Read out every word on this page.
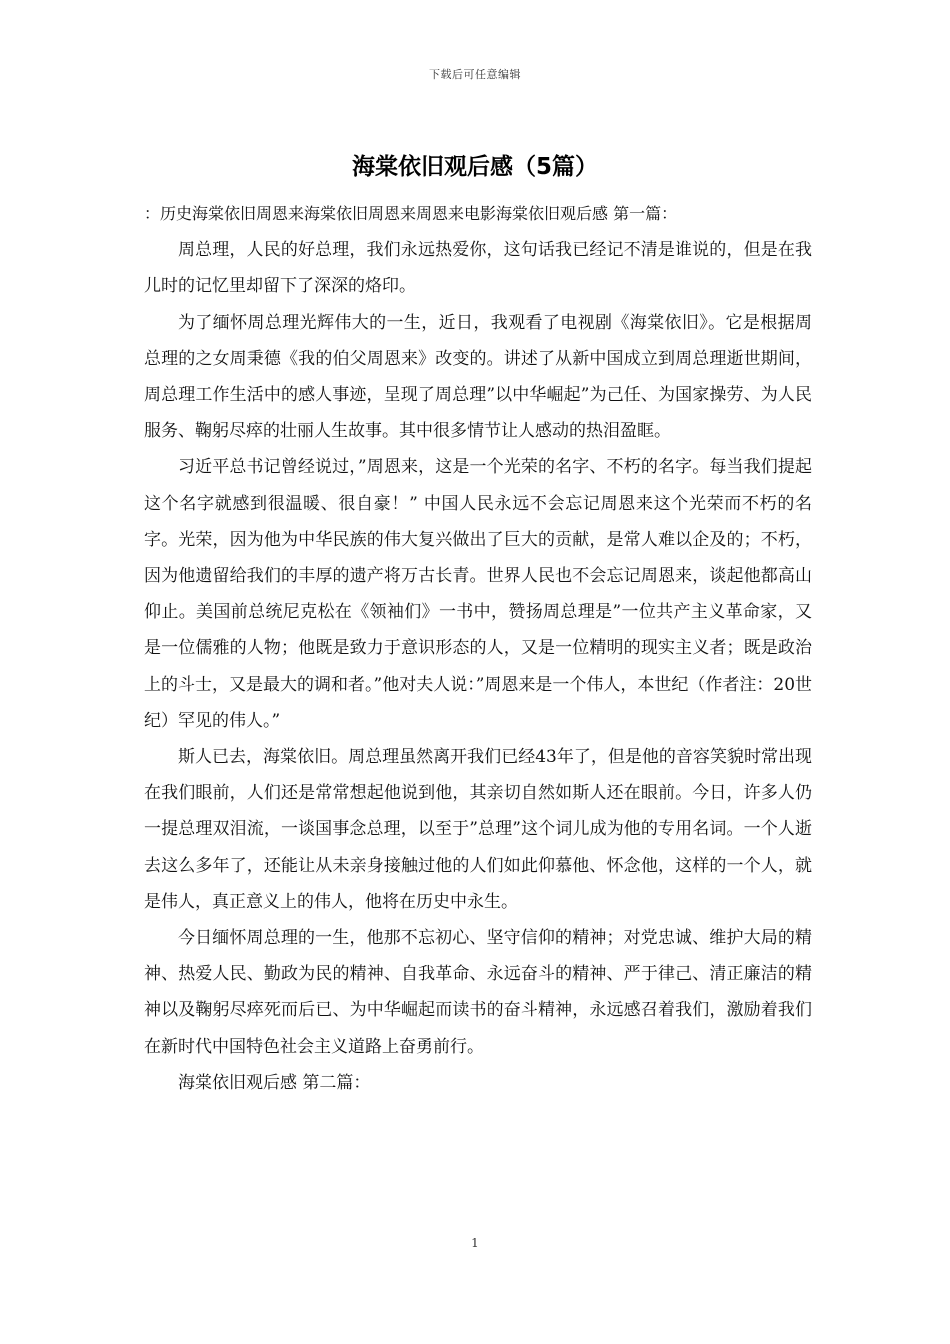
下载后可任意编辑
海棠依旧观后感（5篇）

：历史海棠依旧周恩来海棠依旧周恩来周恩来电影海棠依旧观后感 第一篇：

周总理，人民的好总理，我们永远热爱你，这句话我已经记不清是谁说的，但是在我儿时的记忆里却留下了深深的烙印。

为了缅怀周总理光辉伟大的一生，近日，我观看了电视剧《海棠依旧》。它是根据周总理的之女周秉德《我的伯父周恩来》改变的。讲述了从新中国成立到周总理逝世期间，周总理工作生活中的感人事迹，呈现了周总理”以中华崛起”为己任、为国家操劳、为人民服务、鞠躬尽瘁的壮丽人生故事。其中很多情节让人感动的热泪盈眶。

习近平总书记曾经说过，”周恩来，这是一个光荣的名字、不朽的名字。每当我们提起这个名字就感到很温暖、很自豪！” 中国人民永远不会忘记周恩来这个光荣而不朽的名字。光荣，因为他为中华民族的伟大复兴做出了巨大的贡献，是常人难以企及的；不朽，因为他遗留给我们的丰厚的遗产将万古长青。世界人民也不会忘记周恩来，谈起他都高山仰止。美国前总统尼克松在《领袖们》一书中，赞扬周总理是”一位共产主义革命家，又是一位儒雅的人物；他既是致力于意识形态的人，又是一位精明的现实主义者；既是政治上的斗士，又是最大的调和者。”他对夫人说：”周恩来是一个伟人，本世纪（作者注：20世纪）罕见的伟人。”

斯人已去，海棠依旧。周总理虽然离开我们已经43年了，但是他的音容笑貌时常出现在我们眼前，人们还是常常想起他说到他，其亲切自然如斯人还在眼前。今日，许多人仍一提总理双泪流，一谈国事念总理，以至于”总理”这个词儿成为他的专用名词。一个人逝去这么多年了，还能让从未亲身接触过他的人们如此仰慕他、怀念他，这样的一个人，就是伟人，真正意义上的伟人，他将在历史中永生。

今日缅怀周总理的一生，他那不忘初心、坚守信仰的精神；对党忠诚、维护大局的精神、热爱人民、勤政为民的精神、自我革命、永远奋斗的精神、严于律己、清正廉洁的精神以及鞠躬尽瘁死而后已、为中华崛起而读书的奋斗精神，永远感召着我们，激励着我们在新时代中国特色社会主义道路上奋勇前行。

海棠依旧观后感 第二篇：

1
